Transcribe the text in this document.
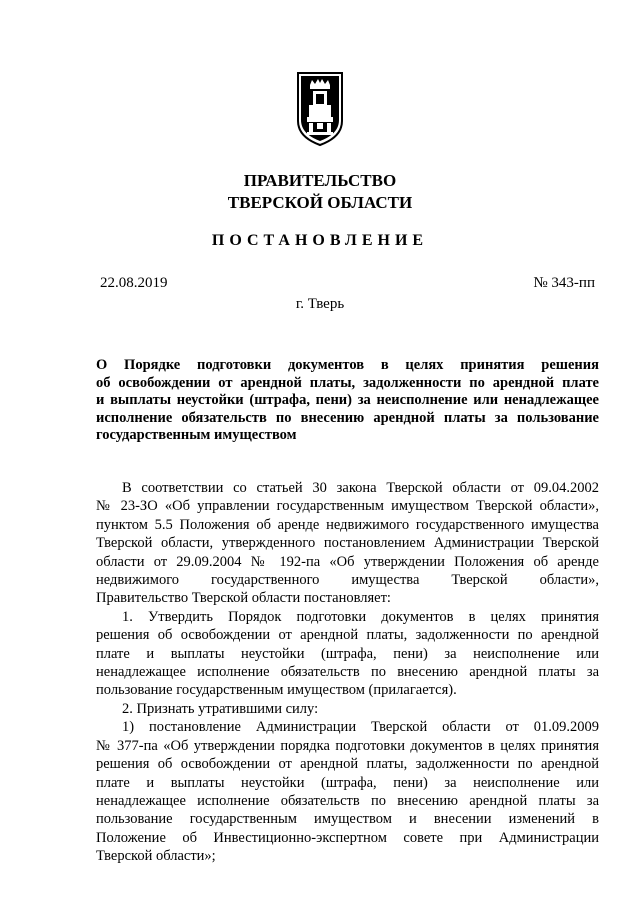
ПРАВИТЕЛЬСТВО
ТВЕРСКОЙ ОБЛАСТИ
ПОСТАНОВЛЕНИЕ
22.08.2019	№ 343-пп
г. Тверь
О Порядке подготовки документов в целях принятия решения
об освобождении от арендной платы, задолженности по арендной плате
и выплаты неустойки (штрафа, пени) за неисполнение или ненадлежащее
исполнение обязательств по внесению арендной платы за пользование
государственным имуществом
В соответствии со статьей 30 закона Тверской области от 09.04.2002
№ 23-ЗО «Об управлении государственным имуществом Тверской области»,
пунктом 5.5 Положения об аренде недвижимого государственного имущества
Тверской области, утвержденного постановлением Администрации Тверской
области от 29.09.2004 № 192-па «Об утверждении Положения об аренде
недвижимого государственного имущества Тверской области»,
Правительство Тверской области постановляет:
1. Утвердить Порядок подготовки документов в целях принятия
решения об освобождении от арендной платы, задолженности по арендной
плате и выплаты неустойки (штрафа, пени) за неисполнение или
ненадлежащее исполнение обязательств по внесению арендной платы за
пользование государственным имуществом (прилагается).
2. Признать утратившими силу:
1) постановление Администрации Тверской области от 01.09.2009
№ 377-па «Об утверждении порядка подготовки документов в целях принятия
решения об освобождении от арендной платы, задолженности по арендной
плате и выплаты неустойки (штрафа, пени) за неисполнение или
ненадлежащее исполнение обязательств по внесению арендной платы за
пользование государственным имуществом и внесении изменений в
Положение об Инвестиционно-экспертном совете при Администрации
Тверской области»;
